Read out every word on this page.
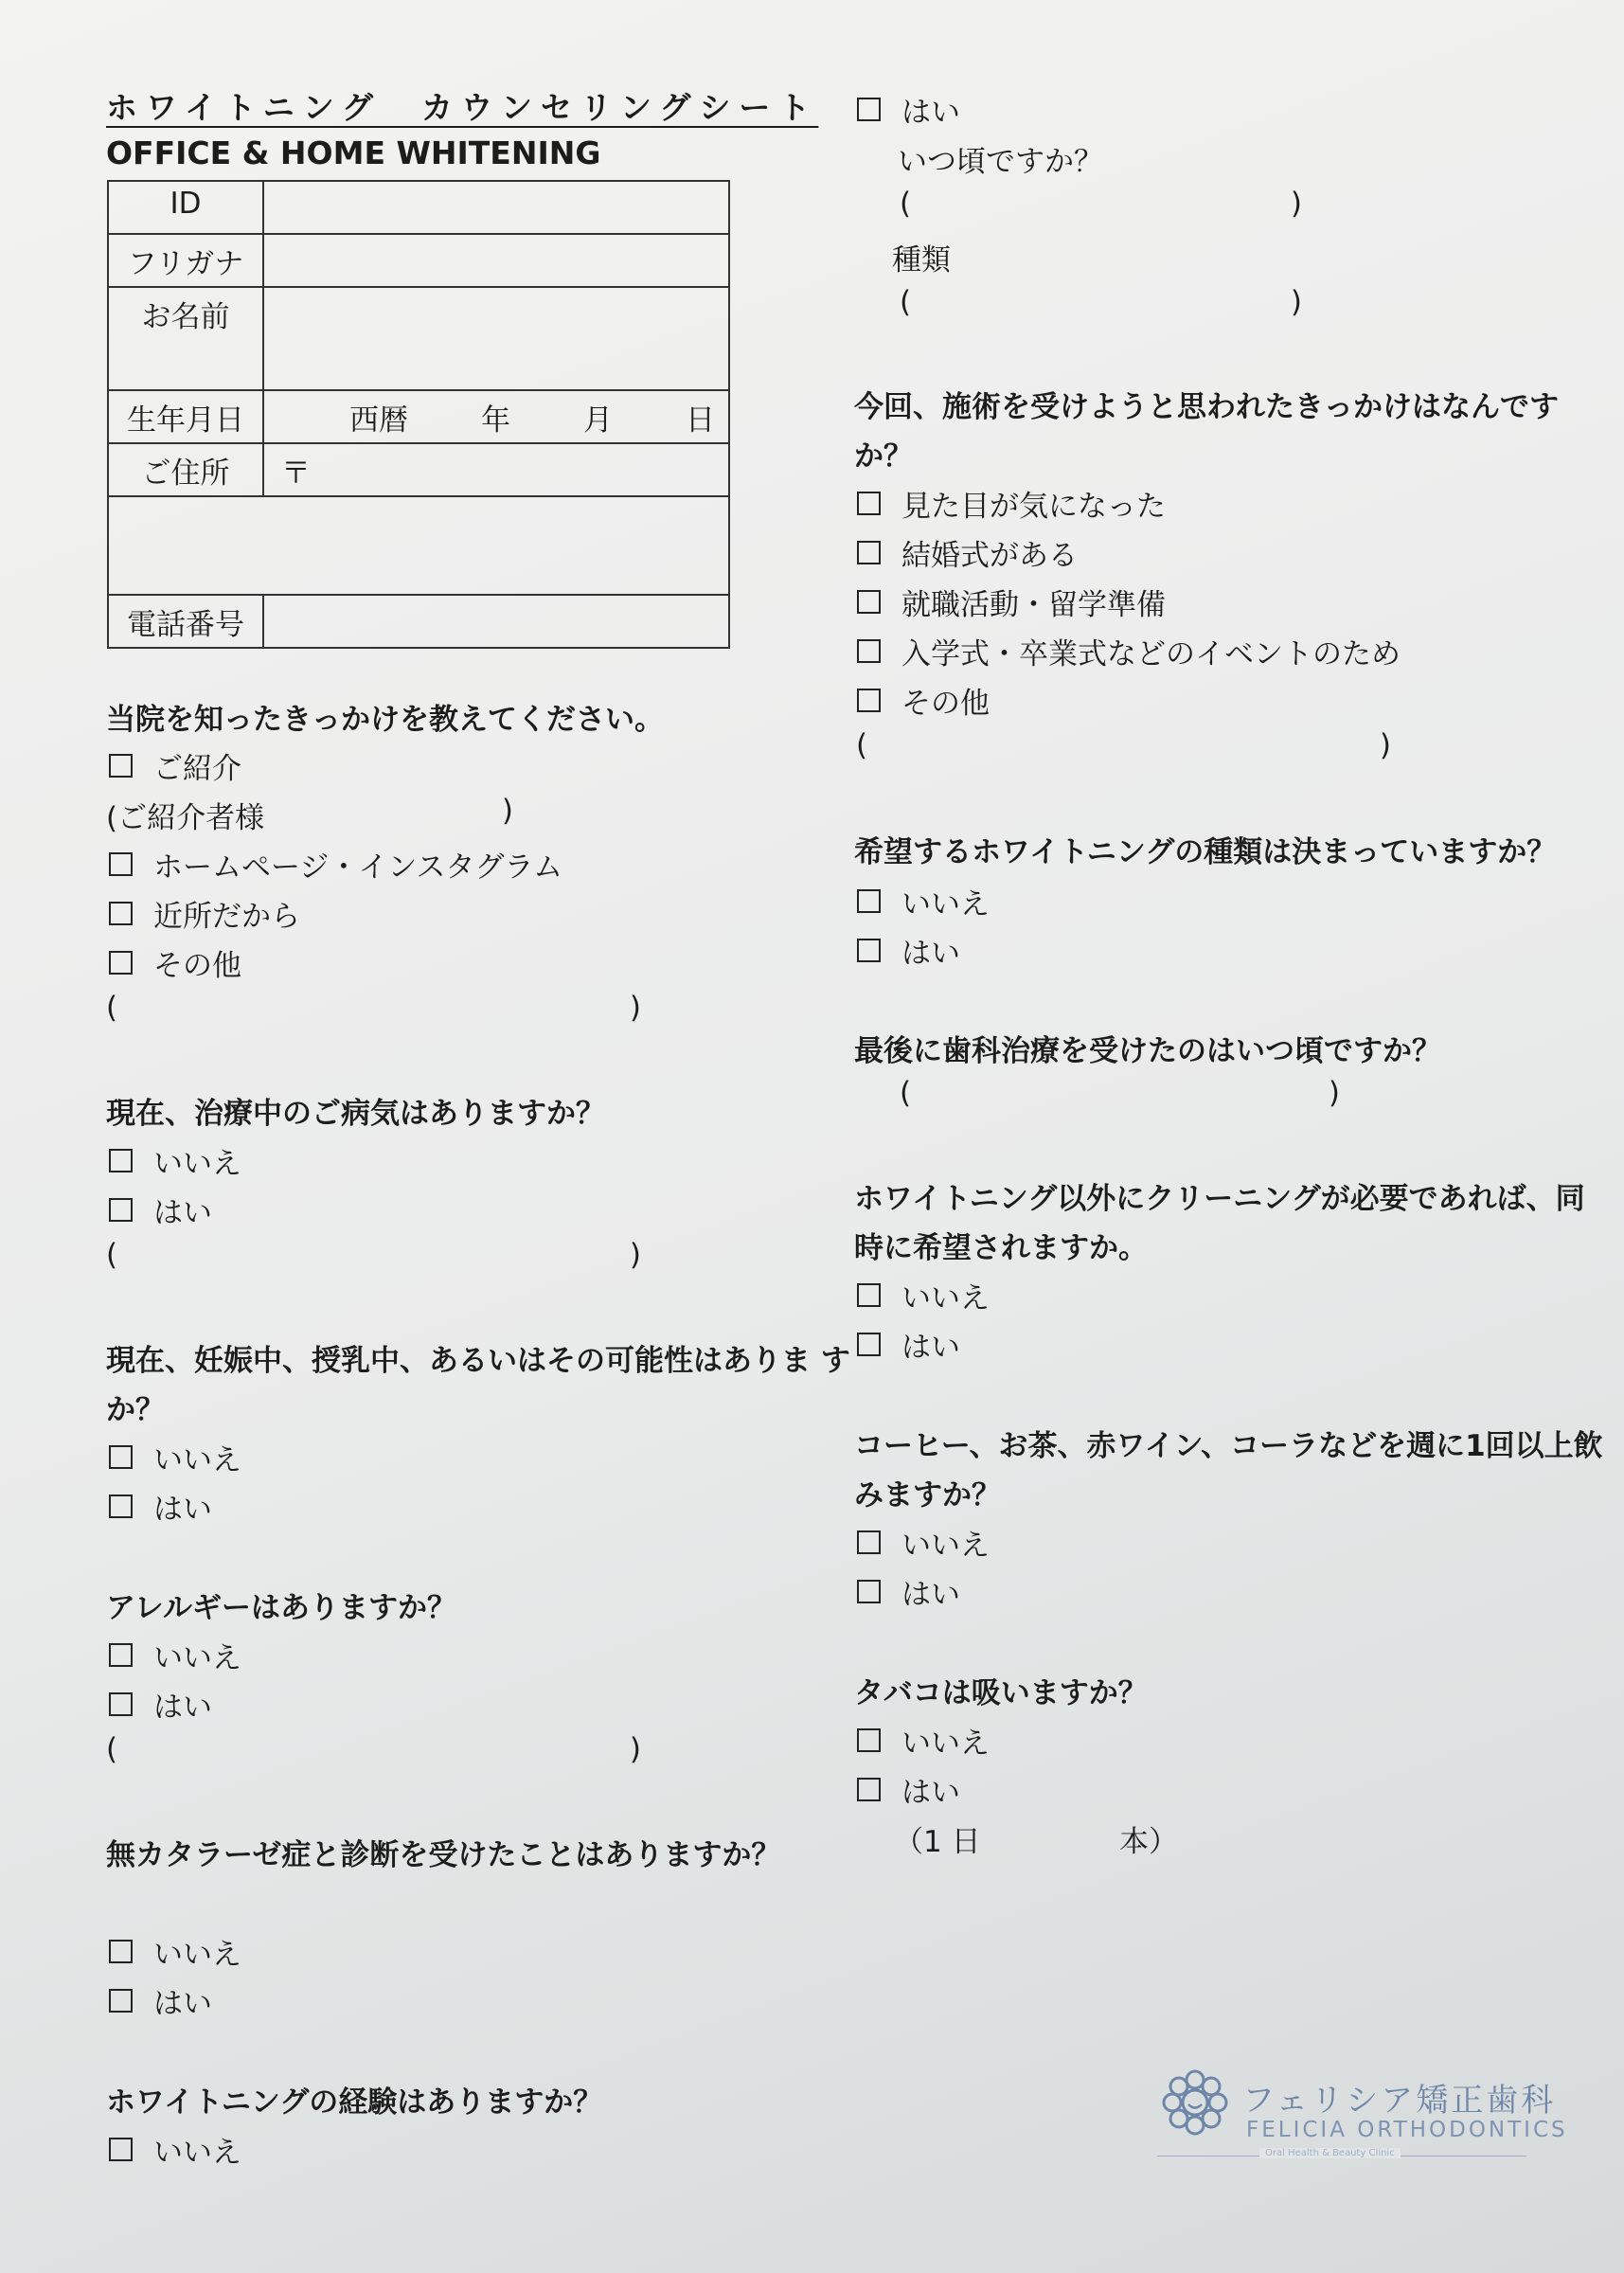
ホワイトニング　カウンセリングシート
OFFICE & HOME WHITENING
ID	
フリガナ	
お名前	
生年月日	西暦 年 月 日

ご住所	〒

電話番号	
当院を知ったきっかけを教えてください。
ご紹介
(ご紹介者様	)
ホームページ・インスタグラム
近所だから
その他
(	)
現在、治療中のご病気はありますか？
いいえ
はい
(	)
現在、妊娠中、授乳中、あるいはその可能性はありま す
か？
いいえ
はい
アレルギーはありますか？
いいえ
はい
(	)
無カタラーゼ症と診断を受けたことはありますか？
いいえ
はい
ホワイトニングの経験はありますか？
いいえ
はい
いつ頃ですか？
(	)
種類
(	)
今回、施術を受けようと思われたきっかけはなんです
か？
見た目が気になった
結婚式がある
就職活動・留学準備
入学式・卒業式などのイベントのため
その他
(	)
希望するホワイトニングの種類は決まっていますか？
いいえ
はい
最後に歯科治療を受けたのはいつ頃ですか？
(	)
ホワイトニング以外にクリーニングが必要であれば、同
時に希望されますか。
いいえ
はい
コーヒー、お茶、赤ワイン、コーラなどを週に1回以上飲
みますか？
いいえ
はい
タバコは吸いますか？
いいえ
はい
（1 日	本）
フェリシア矯正歯科
FELICIA ORTHODONTICS
Oral Health & Beauty Clinic
